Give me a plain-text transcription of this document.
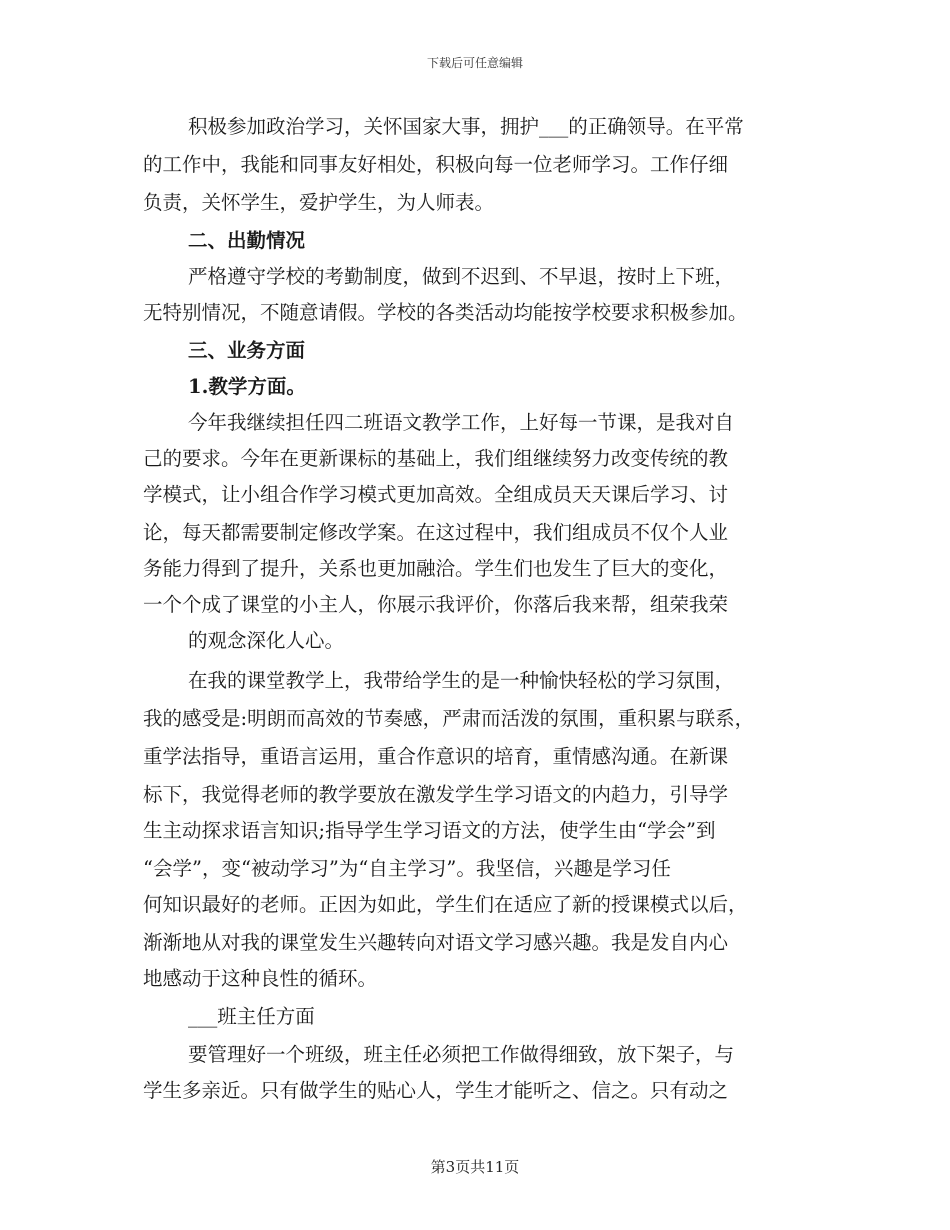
下载后可任意编辑
积极参加政治学习，关怀国家大事，拥护___的正确领导。在平常
的工作中，我能和同事友好相处，积极向每一位老师学习。工作仔细
负责，关怀学生，爱护学生，为人师表。
二、出勤情况
严格遵守学校的考勤制度，做到不迟到、不早退，按时上下班，
无特别情况，不随意请假。学校的各类活动均能按学校要求积极参加。
三、业务方面
1.教学方面。
今年我继续担任四二班语文教学工作，上好每一节课，是我对自
己的要求。今年在更新课标的基础上，我们组继续努力改变传统的教
学模式，让小组合作学习模式更加高效。全组成员天天课后学习、讨
论，每天都需要制定修改学案。在这过程中，我们组成员不仅个人业
务能力得到了提升，关系也更加融洽。学生们也发生了巨大的变化，
一个个成了课堂的小主人，你展示我评价，你落后我来帮，组荣我荣
的观念深化人心。
在我的课堂教学上，我带给学生的是一种愉快轻松的学习氛围，
我的感受是:明朗而高效的节奏感，严肃而活泼的氛围，重积累与联系，
重学法指导，重语言运用，重合作意识的培育，重情感沟通。在新课
标下，我觉得老师的教学要放在激发学生学习语文的内趋力，引导学
生主动探求语言知识;指导学生学习语文的方法，使学生由“学会”到
“会学”，变“被动学习”为“自主学习”。我坚信，兴趣是学习任
何知识最好的老师。正因为如此，学生们在适应了新的授课模式以后，
渐渐地从对我的课堂发生兴趣转向对语文学习感兴趣。我是发自内心
地感动于这种良性的循环。
___班主任方面
要管理好一个班级，班主任必须把工作做得细致，放下架子，与
学生多亲近。只有做学生的贴心人，学生才能听之、信之。只有动之
第3页共11页
